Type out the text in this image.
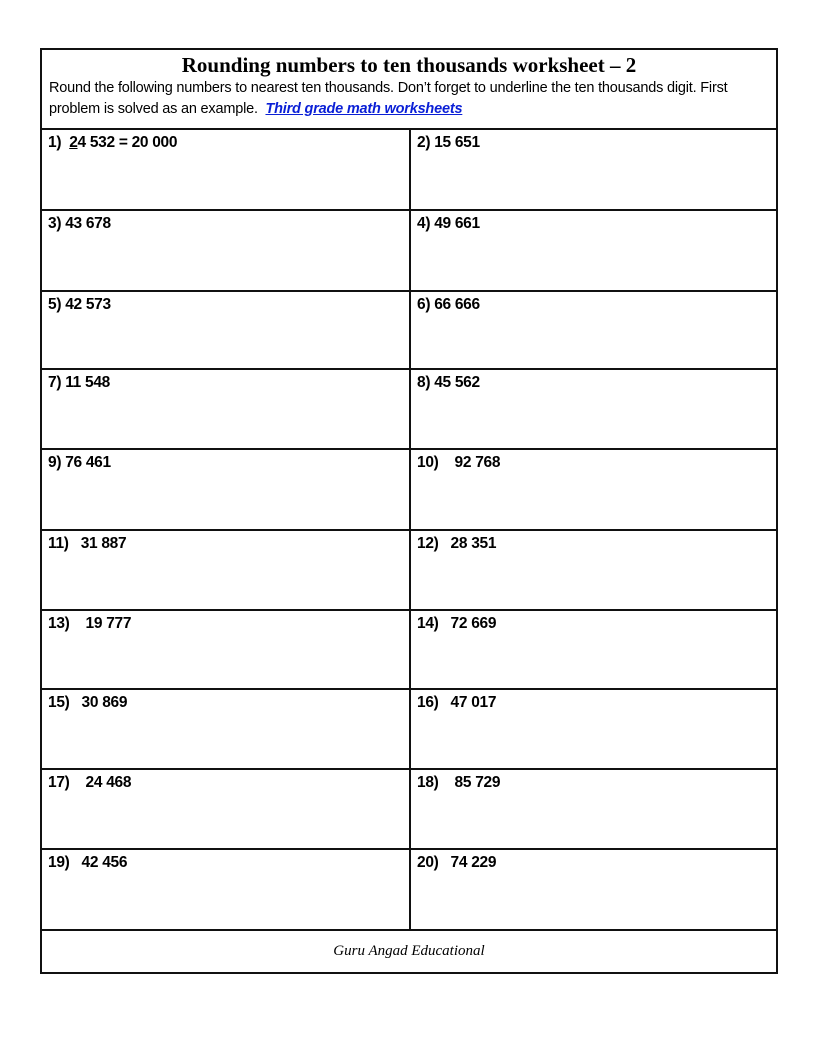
Rounding numbers to ten thousands worksheet – 2
Round the following numbers to nearest ten thousands. Don’t forget to underline the ten thousands digit. First problem is solved as an example. Third grade math worksheets
1) 24 532 = 20 000	2) 15 651
3) 43 678	4) 49 661
5) 42 573	6) 66 666
7) 11 548	8) 45 562
9) 76 461	10) 92 768
11) 31 887	12) 28 351
13) 19 777	14) 72 669
15) 30 869	16) 47 017
17) 24 468	18) 85 729
19) 42 456	20) 74 229
Guru Angad Educational
